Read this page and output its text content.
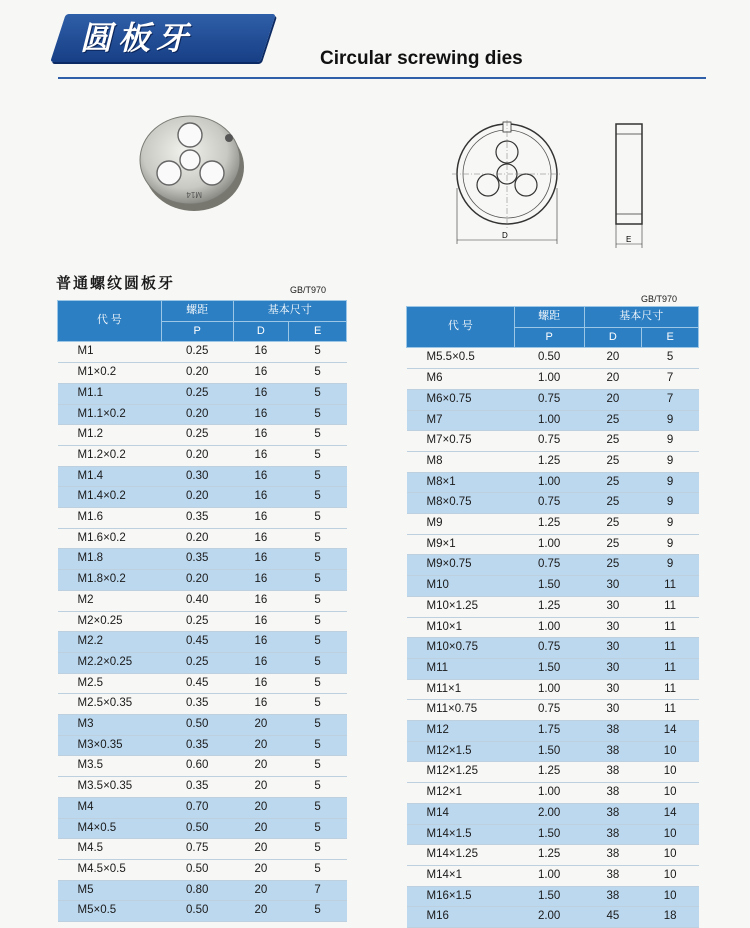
圆板牙
Circular screwing dies
M14
D	E
普通螺纹圆板牙	GB/T970
GB/T970
代 号	螺距	基本尺寸	
	P	D	E
M1	0.25	16	5
M1×0.2	0.20	16	5
M1.1	0.25	16	5
M1.1×0.2	0.20	16	5
M1.2	0.25	16	5
M1.2×0.2	0.20	16	5
M1.4	0.30	16	5
M1.4×0.2	0.20	16	5
M1.6	0.35	16	5
M1.6×0.2	0.20	16	5
M1.8	0.35	16	5
M1.8×0.2	0.20	16	5
M2	0.40	16	5
M2×0.25	0.25	16	5
M2.2	0.45	16	5
M2.2×0.25	0.25	16	5
M2.5	0.45	16	5
M2.5×0.35	0.35	16	5
M3	0.50	20	5
M3×0.35	0.35	20	5
M3.5	0.60	20	5
M3.5×0.35	0.35	20	5
M4	0.70	20	5
M4×0.5	0.50	20	5
M4.5	0.75	20	5
M4.5×0.5	0.50	20	5
M5	0.80	20	7
M5×0.5	0.50	20	5
代 号	螺距	基本尺寸	
	P	D	E
M5.5×0.5	0.50	20	5
M6	1.00	20	7
M6×0.75	0.75	20	7
M7	1.00	25	9
M7×0.75	0.75	25	9
M8	1.25	25	9
M8×1	1.00	25	9
M8×0.75	0.75	25	9
M9	1.25	25	9
M9×1	1.00	25	9
M9×0.75	0.75	25	9
M10	1.50	30	11
M10×1.25	1.25	30	11
M10×1	1.00	30	11
M10×0.75	0.75	30	11
M11	1.50	30	11
M11×1	1.00	30	11
M11×0.75	0.75	30	11
M12	1.75	38	14
M12×1.5	1.50	38	10
M12×1.25	1.25	38	10
M12×1	1.00	38	10
M14	2.00	38	14
M14×1.5	1.50	38	10
M14×1.25	1.25	38	10
M14×1	1.00	38	10
M16×1.5	1.50	38	10
M16	2.00	45	18
